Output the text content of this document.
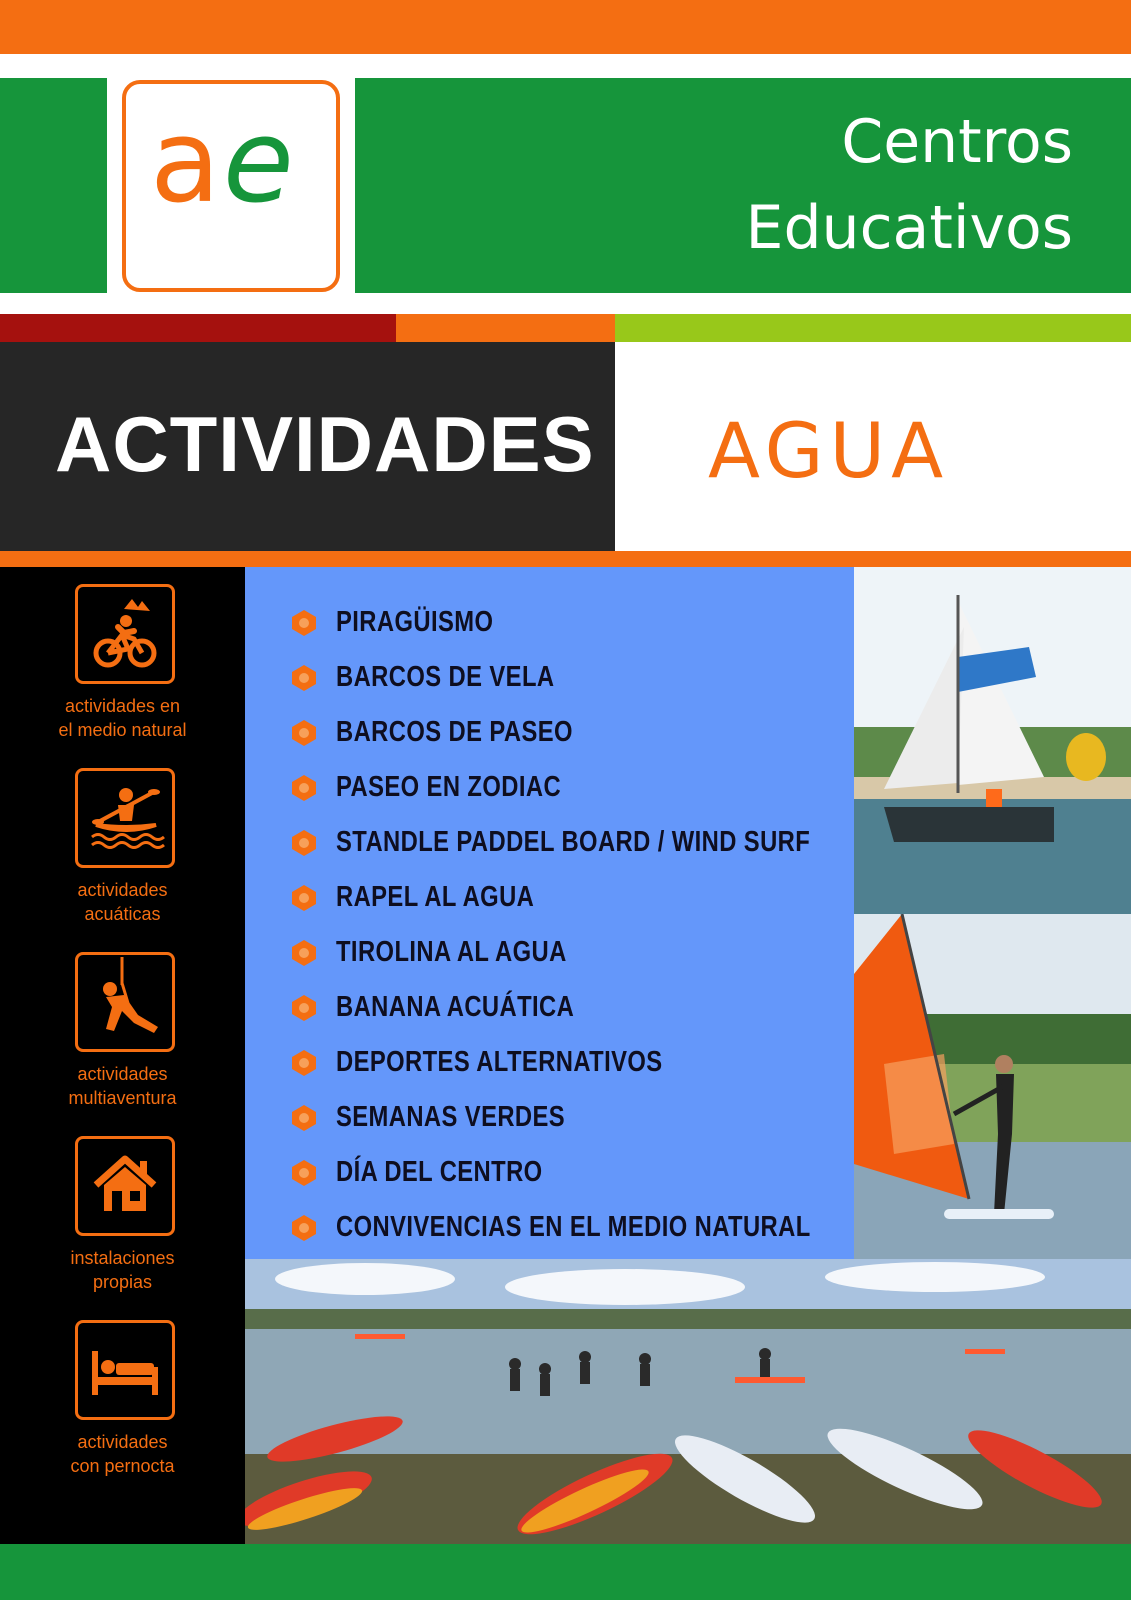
a e	Centros
Educativos
ACTIVIDADES AGUA
actividades en
el medio natural
actividades
acuáticas
actividades
multiaventura
instalaciones
propias
actividades
con pernocta
PIRAGÜISMO
BARCOS DE VELA
BARCOS DE PASEO
PASEO EN ZODIAC
STANDLE PADDEL BOARD / WIND SURF
RAPEL AL AGUA
TIROLINA AL AGUA
BANANA ACUÁTICA
DEPORTES ALTERNATIVOS
SEMANAS VERDES
DÍA DEL CENTRO
CONVIVENCIAS EN EL MEDIO NATURAL
